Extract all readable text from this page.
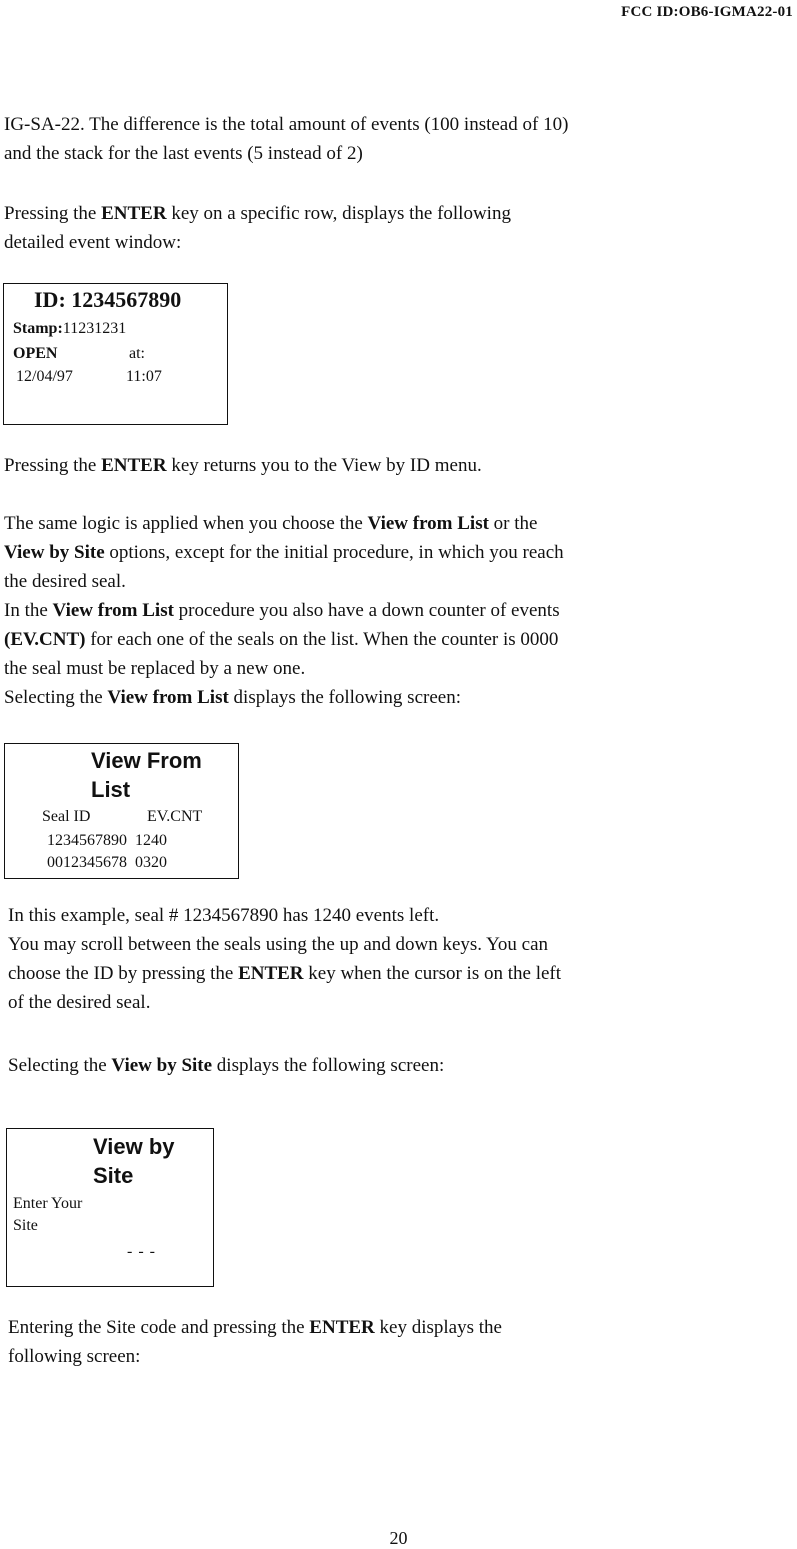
FCC ID:OB6-IGMA22-01

IG-SA-22. The difference is the total amount of events (100 instead of 10)

and the stack for the last events (5 instead of 2)

Pressing the ENTER key on a specific row, displays the following

detailed event window:

ID: 1234567890
Stamp:11231231
OPEN	at:
12/04/97	11:07

Pressing the ENTER key returns you to the View by ID menu.

The same logic is applied when you choose the View from List or the

View by Site options, except for the initial procedure, in which you reach

the desired seal.

In the View from List procedure you also have a down counter of events

(EV.CNT) for each one of the seals on the list. When the counter is 0000

the seal must be replaced by a new one.

Selecting the View from List displays the following screen:

View From
List
Seal ID	EV.CNT
1234567890 1240
0012345678 0320

In this example, seal # 1234567890 has 1240 events left.

You may scroll between the seals using the up and down keys. You can

choose the ID by pressing the ENTER key when the cursor is on the left

of the desired seal.

Selecting the View by Site displays the following screen:

View by
Site
Enter Your
Site
- - -

Entering the Site code and pressing the ENTER key displays the

following screen:

20
